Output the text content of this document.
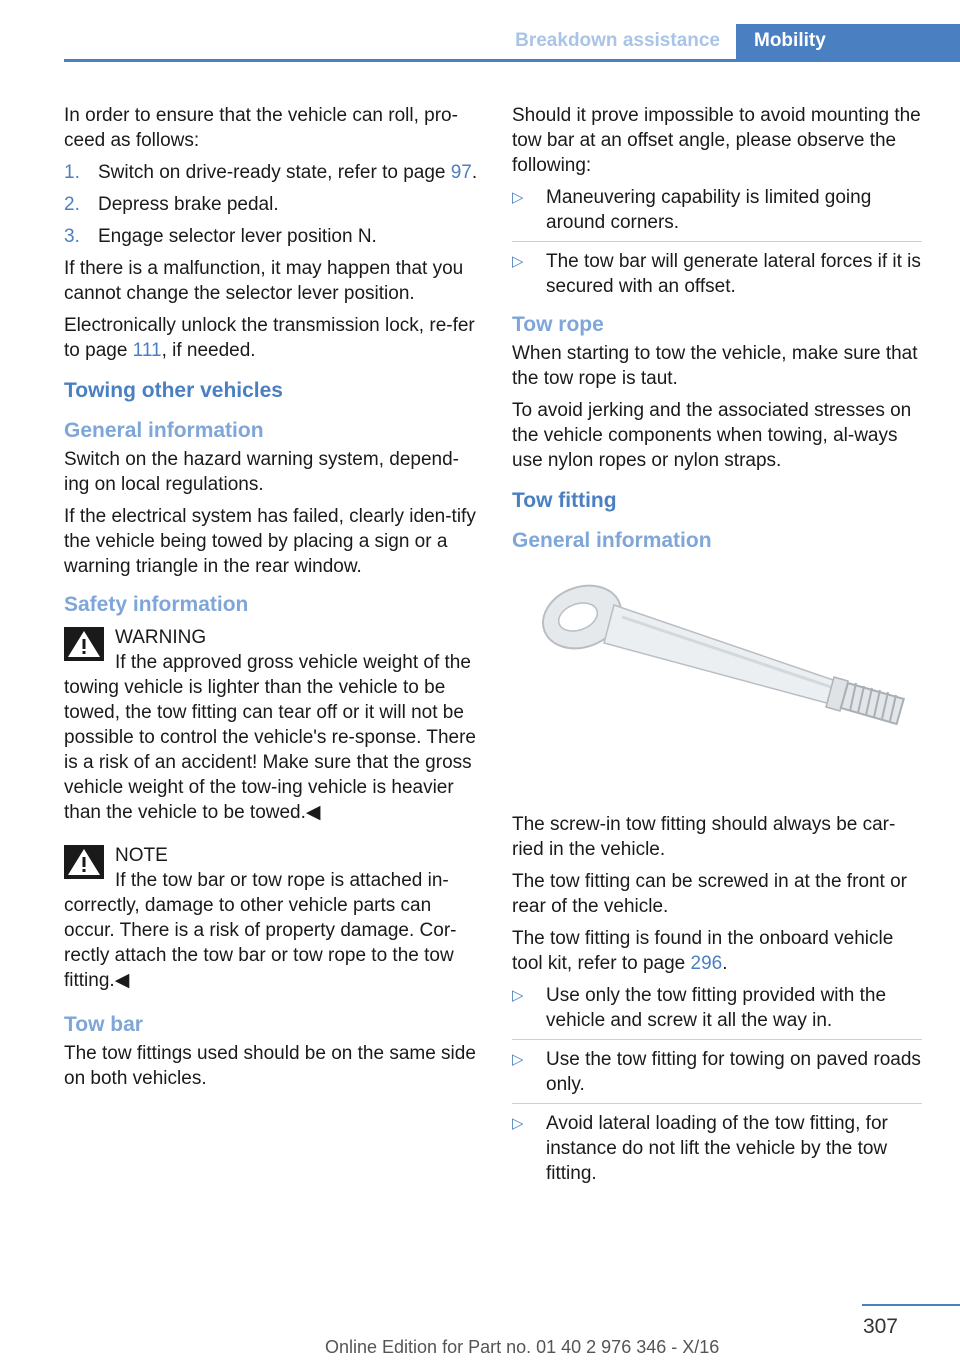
Breakdown assistance	Mobility

In order to ensure that the vehicle can roll, pro-ceed as follows:

1. Switch on drive-ready state, refer to page 97.
2. Depress brake pedal.
3. Engage selector lever position N.

If there is a malfunction, it may happen that you cannot change the selector lever position.

Electronically unlock the transmission lock, re-fer to page 111, if needed.

Towing other vehicles
General information

Switch on the hazard warning system, depend-ing on local regulations.

If the electrical system has failed, clearly iden-tify the vehicle being towed by placing a sign or a warning triangle in the rear window.

Safety information
WARNING

If the approved gross vehicle weight of the towing vehicle is lighter than the vehicle to be towed, the tow fitting can tear off or it will not be possible to control the vehicle's re-sponse. There is a risk of an accident! Make sure that the gross vehicle weight of the tow-ing vehicle is heavier than the vehicle to be towed.◀

NOTE

If the tow bar or tow rope is attached in-correctly, damage to other vehicle parts can occur. There is a risk of property damage. Cor-rectly attach the tow bar or tow rope to the tow fitting.◀

Tow bar

The tow fittings used should be on the same side on both vehicles.

Should it prove impossible to avoid mounting the tow bar at an offset angle, please observe the following:

▷ Maneuvering capability is limited going around corners.
▷ The tow bar will generate lateral forces if it is secured with an offset.
Tow rope

When starting to tow the vehicle, make sure that the tow rope is taut.

To avoid jerking and the associated stresses on the vehicle components when towing, al-ways use nylon ropes or nylon straps.

Tow fitting
General information

The screw-in tow fitting should always be car-ried in the vehicle.

The tow fitting can be screwed in at the front or rear of the vehicle.

The tow fitting is found in the onboard vehicle tool kit, refer to page 296.

▷ Use only the tow fitting provided with the vehicle and screw it all the way in.
▷ Use the tow fitting for towing on paved roads only.
▷ Avoid lateral loading of the tow fitting, for instance do not lift the vehicle by the tow fitting.
307
Online Edition for Part no. 01 40 2 976 346 - X/16
